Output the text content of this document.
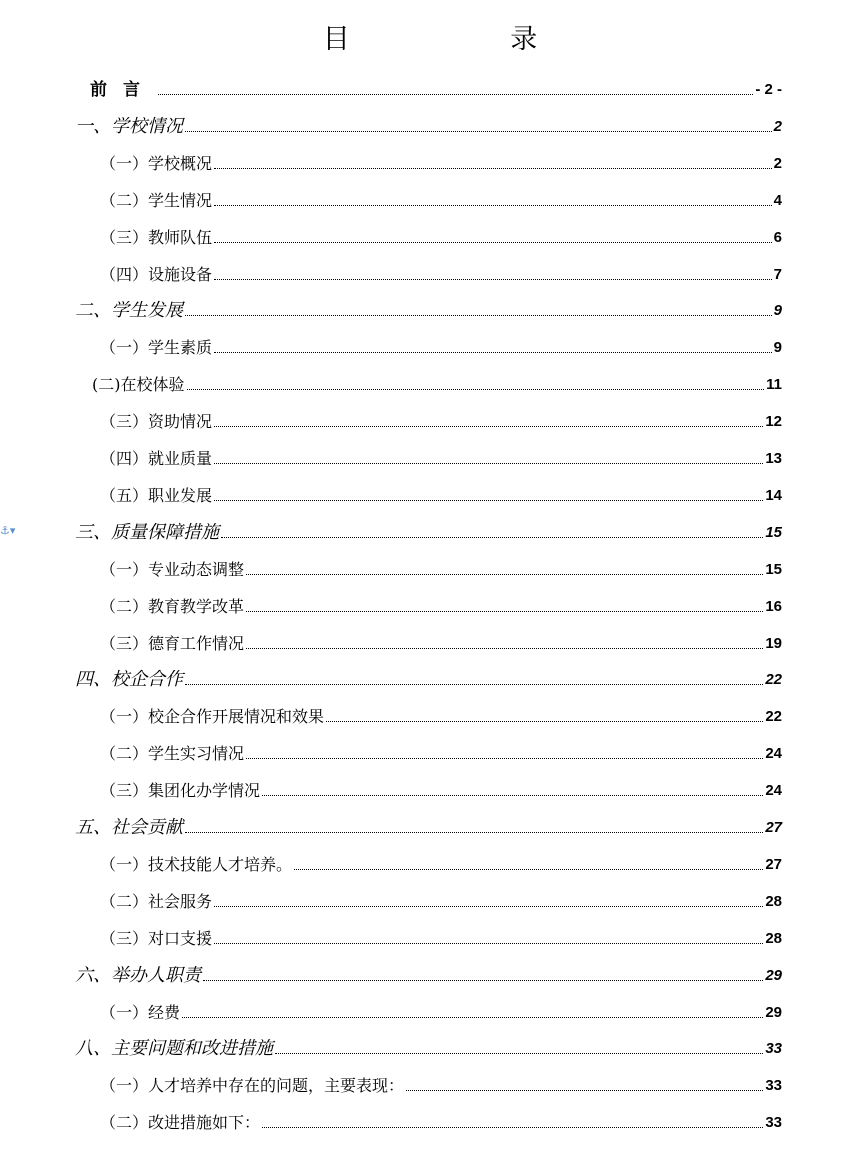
目 录
⚓▾
前言	- 2 -
一、学校情况	2
（一）学校概况	2
（二）学生情况	4
（三）教师队伍	6
（四）设施设备	7
二、学生发展	9
（一）学生素质	9
(二)在校体验	11
（三）资助情况	12
（四）就业质量	13
（五）职业发展	14
三、质量保障措施	15
（一）专业动态调整	15
（二）教育教学改革	16
（三）德育工作情况	19
四、校企合作	22
（一）校企合作开展情况和效果	22
（二）学生实习情况	24
（三）集团化办学情况	24
五、社会贡献	27
（一）技术技能人才培养。	27
（二）社会服务	28
（三）对口支援	28
六、举办人职责	29
（一）经费	29
八、主要问题和改进措施	33
（一）人才培养中存在的问题，主要表现：	33
（二）改进措施如下：	33
